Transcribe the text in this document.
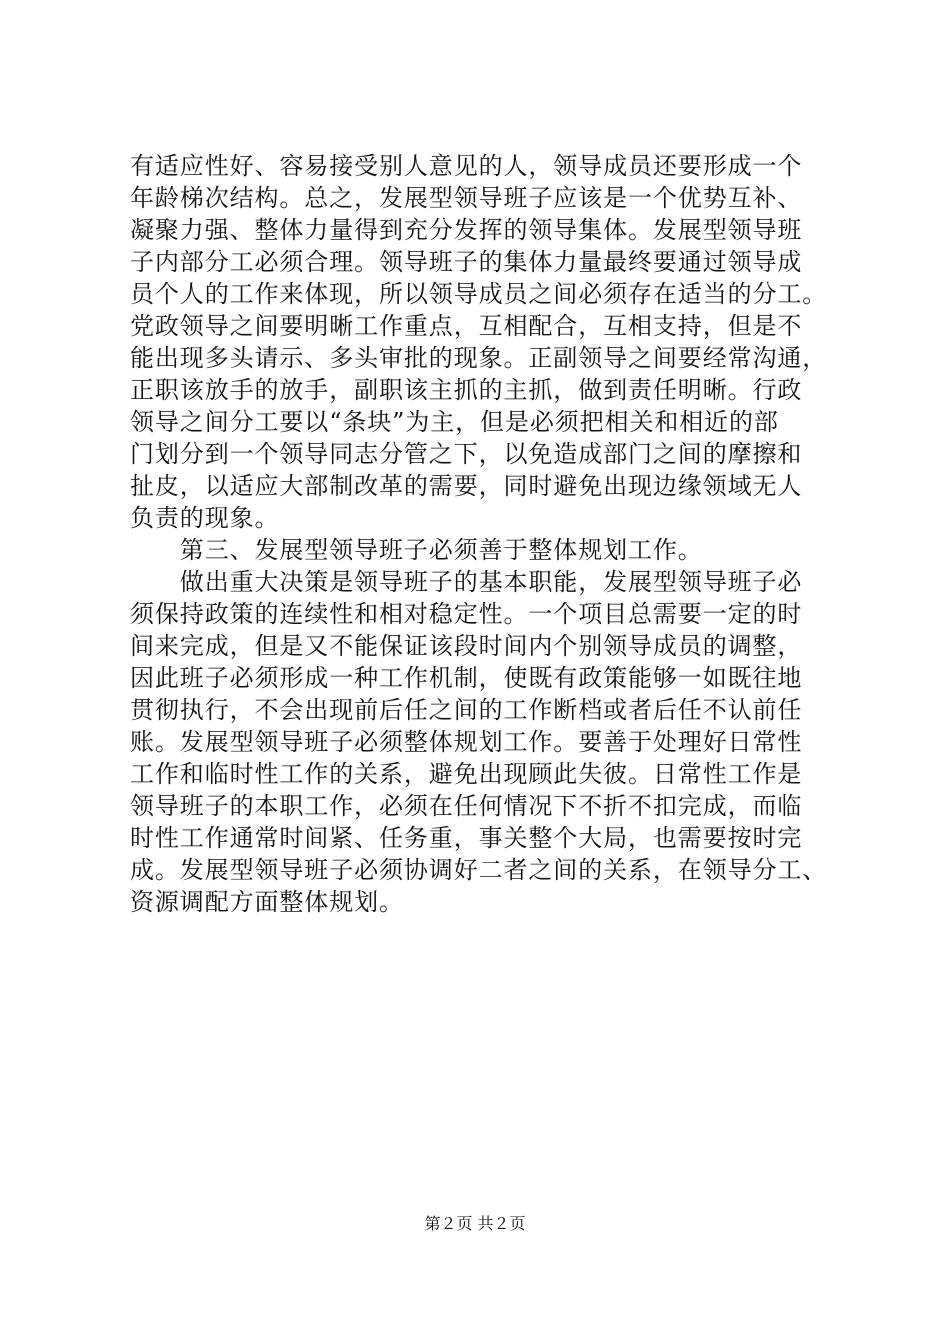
有适应性好、容易接受别人意见的人，领导成员还要形成一个
年龄梯次结构。总之，发展型领导班子应该是一个优势互补、
凝聚力强、整体力量得到充分发挥的领导集体。发展型领导班
子内部分工必须合理。领导班子的集体力量最终要通过领导成
员个人的工作来体现，所以领导成员之间必须存在适当的分工。
党政领导之间要明晰工作重点，互相配合，互相支持，但是不
能出现多头请示、多头审批的现象。正副领导之间要经常沟通，
正职该放手的放手，副职该主抓的主抓，做到责任明晰。行政
领导之间分工要以“条块”为主，但是必须把相关和相近的部
门划分到一个领导同志分管之下，以免造成部门之间的摩擦和
扯皮，以适应大部制改革的需要，同时避免出现边缘领域无人
负责的现象。
　　第三、发展型领导班子必须善于整体规划工作。
　　做出重大决策是领导班子的基本职能，发展型领导班子必
须保持政策的连续性和相对稳定性。一个项目总需要一定的时
间来完成，但是又不能保证该段时间内个别领导成员的调整，
因此班子必须形成一种工作机制，使既有政策能够一如既往地
贯彻执行，不会出现前后任之间的工作断档或者后任不认前任
账。发展型领导班子必须整体规划工作。要善于处理好日常性
工作和临时性工作的关系，避免出现顾此失彼。日常性工作是
领导班子的本职工作，必须在任何情况下不折不扣完成，而临
时性工作通常时间紧、任务重，事关整个大局，也需要按时完
成。发展型领导班子必须协调好二者之间的关系，在领导分工、
资源调配方面整体规划。
第２页 共２页
